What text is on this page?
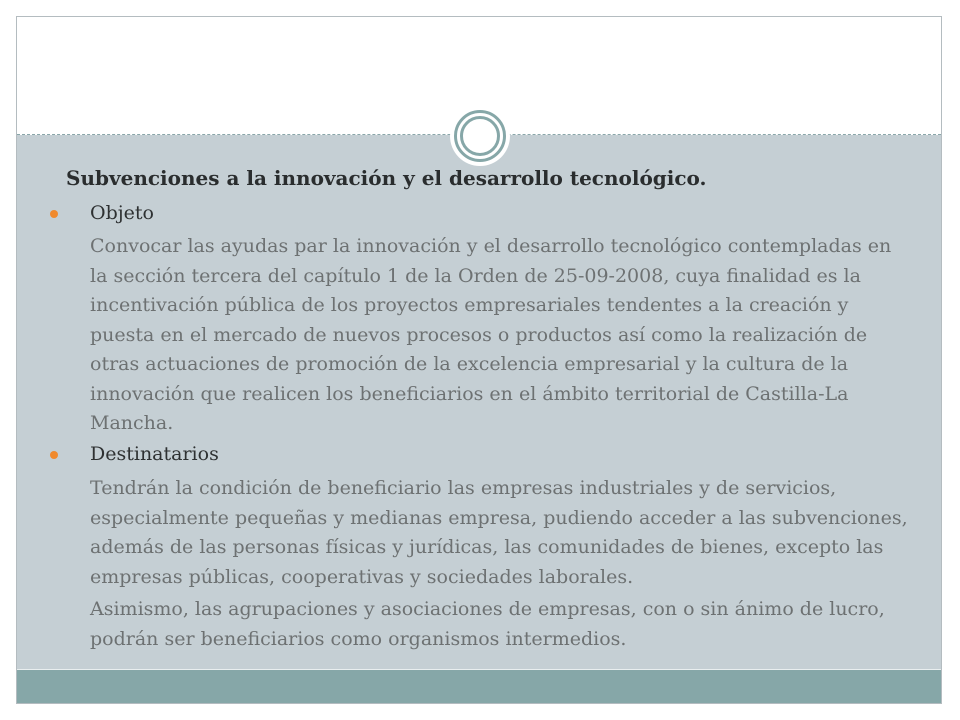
Subvenciones a la innovación y el desarrollo tecnológico.
Objeto
Convocar las ayudas par la innovación y el desarrollo tecnológico contempladas en la sección tercera del capítulo 1 de la Orden de 25-09-2008, cuya finalidad es la incentivación pública de los proyectos empresariales tendentes a la creación y puesta en el mercado de nuevos procesos o productos así como la realización de otras actuaciones de promoción de la excelencia empresarial y la cultura de la innovación que realicen los beneficiarios en el ámbito territorial de Castilla-La Mancha.
Destinatarios
Tendrán la condición de beneficiario las empresas industriales y de servicios, especialmente pequeñas y medianas empresa, pudiendo acceder a las subvenciones, además de las personas físicas y jurídicas, las comunidades de bienes, excepto las empresas públicas, cooperativas y sociedades laborales.
Asimismo, las agrupaciones y asociaciones de empresas, con o sin ánimo de lucro, podrán ser beneficiarios como organismos intermedios.
